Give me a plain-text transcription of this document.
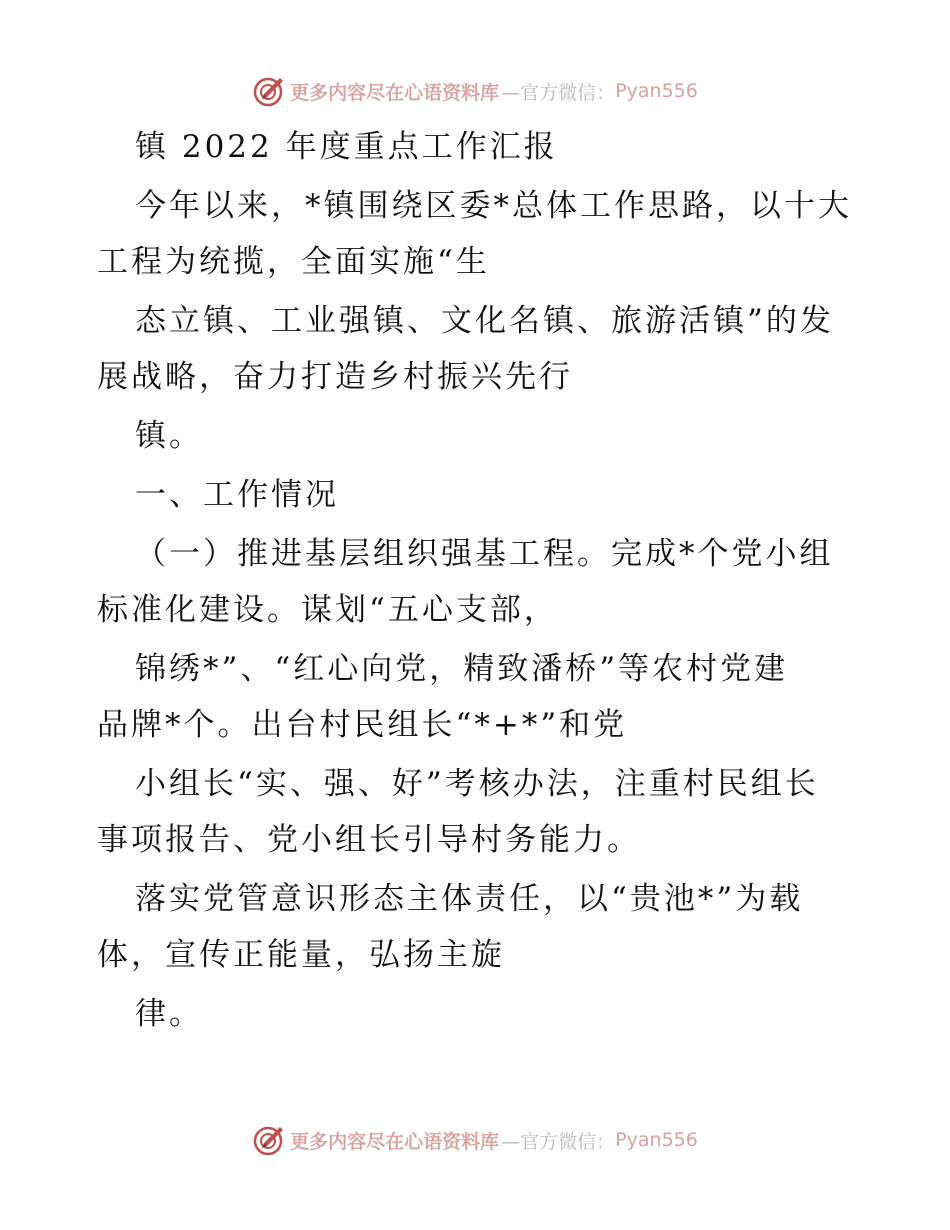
更多内容尽在心语资料库 —官方微信： Pyan556
镇 2022 年度重点工作汇报
今年以来，*镇围绕区委*总体工作思路，以十大
工程为统揽，全面实施“生
态立镇、工业强镇、文化名镇、旅游活镇”的发
展战略，奋力打造乡村振兴先行
镇。
一、工作情况
（一）推进基层组织强基工程。完成*个党小组
标准化建设。谋划“五心支部，
锦绣*”、“红心向党，精致潘桥”等农村党建
品牌*个。出台村民组长“*+*”和党
小组长“实、强、好”考核办法，注重村民组长
事项报告、党小组长引导村务能力。
落实党管意识形态主体责任，以“贵池*”为载
体，宣传正能量，弘扬主旋
律。
更多内容尽在心语资料库 —官方微信： Pyan556
